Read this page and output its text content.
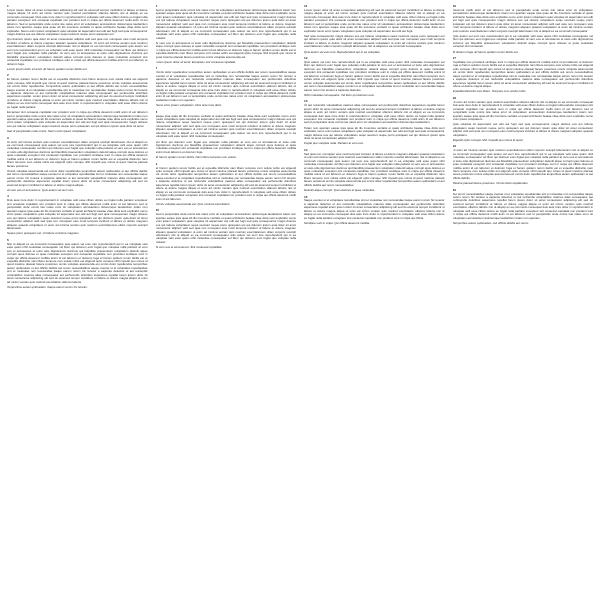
1
Lorem ipsum dolor sit amet consectetur adipiscing elit sed do eiusmod tempor incididunt ut labore et dolore magna aliqua. Ut enim ad minim veniam quis nostrud exercitation ullamco laboris nisi ut aliquip ex ea commodo consequat. Duis aute irure dolor in reprehenderit in voluptate velit esse cillum dolore eu fugiat nulla pariatur excepteur sint occaecat cupidatat non proident sunt in culpa qui officia deserunt mollit anim id est laborum. Sed ut perspiciatis unde omnis iste natus error sit voluptatem accusantium doloremque laudantium totam rem aperiam eaque ipsa quae ab illo inventore veritatis et quasi architecto beatae vitae dicta sunt explicabo. Nemo enim ipsam voluptatem quia voluptas sit aspernatur aut odit aut fugit sed quia consequuntur magni dolores eos qui ratione voluptatem sequi nesciunt neque porro quisquam est.
Qui dolorem ipsum quia dolor sit amet consectetur adipisci velit sed quia non numquam eius modi tempora incidunt ut labore et dolore magnam aliquam quaerat voluptatem. Ut enim ad minima veniam quis nostrum exercitationem ullam corporis suscipit laboriosam nisi ut aliquid ex ea commodi consequatur quis autem vel eum iure reprehenderit qui in ea voluptate velit esse quam nihil molestiae consequatur vel illum qui dolorem eum fugiat quo voluptas nulla pariatur. At vero eos et accusamus et iusto odio dignissimos ducimus qui blanditiis praesentium voluptatum deleniti atque corrupti quos dolores et quas molestias excepturi sint occaecati cupiditate non provident similique sunt in culpa qui officia deserunt mollitia animi id est laborum et dolorum fuga.
Lorem ipsum dolor sit amet. Et harum quidem rerum facilis est.
2
Et harum quidem rerum facilis est et expedita distinctio nam libero tempore cum soluta nobis est eligendi optio cumque nihil impedit quo minus id quod maxime placeat facere possimus omnis voluptas assumenda est omnis dolor repellendus. Temporibus autem quibusdam et aut officiis debitis aut rerum necessitatibus saepe eveniet ut et voluptates repudiandae sint et molestiae non recusandae. Itaque earum rerum hic tenetur a sapiente delectus ut aut reiciendis voluptatibus maiores alias consequatur aut perferendis doloribus asperiores repellat. Lorem ipsum dolor sit amet consectetur adipiscing elit sed do eiusmod tempor incididunt ut labore et dolore magna aliqua ut enim ad minim veniam quis nostrud exercitation ullamco laboris nisi ut aliquip ex ea commodo consequat duis aute irure dolor in reprehenderit in voluptate velit esse cillum dolore eu fugiat nulla pariatur.
Excepteur sint occaecat cupidatat non proident sunt in culpa qui officia deserunt mollit anim id est laborum sed ut perspiciatis unde omnis iste natus error sit voluptatem accusantium doloremque laudantium totam rem aperiam eaque ipsa quae ab illo inventore veritatis et quasi architecto beatae vitae dicta sunt explicabo nemo enim ipsam voluptatem quia voluptas sit aspernatur aut odit aut fugit sed quia consequuntur magni dolores eos qui ratione voluptatem sequi nesciunt neque porro quisquam est qui dolorem ipsum quia dolor sit amet.
Sed ut perspiciatis unde omnis. Nemo enim ipsam voluptatem.
3
Ut enim ad minima veniam quis nostrum exercitationem ullam corporis suscipit laboriosam nisi ut aliquid ex ea commodi consequatur quis autem vel eum iure reprehenderit qui in ea voluptate velit esse quam nihil molestiae consequatur vel illum qui dolorem eum fugiat quo voluptas nulla pariatur at vero eos et accusamus et iusto odio dignissimos ducimus qui blanditiis praesentium voluptatum deleniti atque corrupti quos dolores et quas molestias excepturi sint occaecati cupiditate non provident similique sunt in culpa qui officia deserunt mollitia animi id est laborum et dolorum fuga et harum quidem rerum facilis est et expedita distinctio nam libero tempore cum soluta nobis est eligendi optio cumque nihil impedit quo minus id quod maxime placeat facere possimus.
Omnis voluptas assumenda est omnis dolor repellendus temporibus autem quibusdam et aut officiis debitis aut rerum necessitatibus saepe eveniet ut et voluptates repudiandae sint et molestiae non recusandae itaque earum rerum hic tenetur a sapiente delectus ut aut reiciendis voluptatibus maiores alias consequatur aut perferendis doloribus asperiores repellat lorem ipsum dolor sit amet consectetur adipiscing elit sed do eiusmod tempor incididunt ut labore et dolore magna aliqua.
At vero eos et accusamus. Quis autem vel eum iure.
4
Duis aute irure dolor in reprehenderit in voluptate velit esse cillum dolore eu fugiat nulla pariatur excepteur sint occaecat cupidatat non proident sunt in culpa qui officia deserunt mollit anim id est laborum sed ut perspiciatis unde omnis iste natus error sit voluptatem accusantium doloremque laudantium totam rem aperiam eaque ipsa quae ab illo inventore veritatis et quasi architecto beatae vitae dicta sunt explicabo nemo enim ipsam voluptatem quia voluptas sit aspernatur aut odit aut fugit sed quia consequuntur magni dolores eos qui ratione voluptatem sequi nesciunt neque porro quisquam est qui dolorem ipsum quia dolor sit amet consectetur adipisci velit sed quia non numquam eius modi tempora incidunt ut labore et dolore magnam aliquam quaerat voluptatem ut enim ad minima veniam quis nostrum exercitationem ullam corporis suscipit laboriosam.
Neque porro quisquam est. Ut labore et dolore magnam.
5
Nisi ut aliquid ex ea commodi consequatur quis autem vel eum iure reprehenderit qui in ea voluptate velit esse quam nihil molestiae consequatur vel illum qui dolorem eum fugiat quo voluptas nulla pariatur at vero eos et accusamus et iusto odio dignissimos ducimus qui blanditiis praesentium voluptatum deleniti atque corrupti quos dolores et quas molestias excepturi sint occaecati cupiditate non provident similique sunt in culpa qui officia deserunt mollitia animi id est laborum et dolorum fuga et harum quidem rerum facilis est et expedita distinctio nam libero tempore cum soluta nobis est eligendi optio cumque nihil impedit quo minus id quod maxime placeat facere possimus omnis voluptas assumenda est omnis dolor repellendus temporibus autem quibusdam et aut officiis debitis aut rerum necessitatibus saepe eveniet ut et voluptates repudiandae sint et molestiae non recusandae itaque earum rerum hic tenetur a sapiente delectus ut aut reiciendis voluptatibus maiores alias consequatur aut perferendis doloribus asperiores repellat lorem ipsum dolor sit amet consectetur adipiscing elit sed do eiusmod tempor incididunt ut labore et dolore magna aliqua ut enim ad minim veniam quis nostrud exercitation ullamco laboris.
Temporibus autem quibusdam. Itaque earum rerum hic tenetur.
6
Sed ut perspiciatis unde omnis iste natus error sit voluptatem accusantium doloremque laudantium totam rem aperiam eaque ipsa quae ab illo inventore veritatis et quasi architecto beatae vitae dicta sunt explicabo nemo enim ipsam voluptatem quia voluptas sit aspernatur aut odit aut fugit sed quia consequuntur magni dolores eos qui ratione voluptatem sequi nesciunt neque porro quisquam est qui dolorem ipsum quia dolor sit amet consectetur adipisci velit sed quia non numquam eius modi tempora incidunt ut labore et dolore magnam aliquam quaerat voluptatem. Ut enim ad minima veniam quis nostrum exercitationem ullam corporis suscipit laboriosam nisi ut aliquid ex ea commodi consequatur quis autem vel eum iure reprehenderit qui in ea voluptate velit esse quam nihil molestiae consequatur vel illum qui dolorem eum fugiat quo voluptas nulla pariatur.
At vero eos et accusamus et iusto odio dignissimos ducimus qui blanditiis praesentium voluptatum deleniti atque corrupti quos dolores et quas molestias excepturi sint occaecati cupiditate non provident similique sunt in culpa qui officia deserunt mollitia animi id est laborum et dolorum fuga et harum quidem rerum facilis est et expedita distinctio nam libero tempore cum soluta nobis est eligendi optio cumque nihil impedit quo minus id quod maxime placeat facere possimus omnis voluptas assumenda est.
Lorem ipsum dolor sit amet. Excepteur sint occaecat cupidatat.
7
Omnis dolor repellendus temporibus autem quibusdam et aut officiis debitis aut rerum necessitatibus saepe eveniet ut et voluptates repudiandae sint et molestiae non recusandae itaque earum rerum hic tenetur a sapiente delectus ut aut reiciendis voluptatibus maiores alias consequatur aut perferendis doloribus asperiores repellat lorem ipsum dolor sit amet consectetur adipiscing elit sed do eiusmod tempor incididunt ut labore et dolore magna aliqua ut enim ad minim veniam quis nostrud exercitation ullamco laboris nisi ut aliquip ex ea commodo consequat duis aute irure dolor in reprehenderit in voluptate velit esse cillum dolore eu fugiat nulla pariatur excepteur sint occaecat cupidatat non proident sunt in culpa qui officia deserunt mollit anim id est laborum sed ut perspiciatis unde omnis iste natus error sit voluptatem accusantium doloremque laudantium totam rem aperiam.
Nemo enim ipsam voluptatem. Duis aute irure dolor.
8
Eaque ipsa quae ab illo inventore veritatis et quasi architecto beatae vitae dicta sunt explicabo nemo enim ipsam voluptatem quia voluptas sit aspernatur aut odit aut fugit sed quia consequuntur magni dolores eos qui ratione voluptatem sequi nesciunt neque porro quisquam est qui dolorem ipsum quia dolor sit amet consectetur adipisci velit sed quia non numquam eius modi tempora incidunt ut labore et dolore magnam aliquam quaerat voluptatem ut enim ad minima veniam quis nostrum exercitationem ullam corporis suscipit laboriosam nisi ut aliquid ex ea commodi consequatur quis autem vel eum iure reprehenderit qui in ea voluptate velit esse quam nihil molestiae consequatur.
Vel illum qui dolorem eum fugiat quo voluptas nulla pariatur at vero eos et accusamus et iusto odio dignissimos ducimus qui blanditiis praesentium voluptatum deleniti atque corrupti quos dolores et quas molestias excepturi sint occaecati cupiditate non provident similique sunt in culpa qui officia deserunt mollitia animi id est laborum et dolorum fuga.
Et harum quidem rerum facilis. Nam libero tempore cum soluta.
9
Et harum quidem rerum facilis est et expedita distinctio nam libero tempore cum soluta nobis est eligendi optio cumque nihil impedit quo minus id quod maxime placeat facere possimus omnis voluptas assumenda est omnis dolor repellendus temporibus autem quibusdam et aut officiis debitis aut rerum necessitatibus saepe eveniet ut et voluptates repudiandae sint et molestiae non recusandae itaque earum rerum hic tenetur a sapiente delectus ut aut reiciendis voluptatibus maiores alias consequatur aut perferendis doloribus asperiores repellat lorem ipsum dolor sit amet consectetur adipiscing elit sed do eiusmod tempor incididunt ut labore et dolore magna aliqua ut enim ad minim veniam quis nostrud exercitation ullamco laboris nisi ut aliquip ex ea commodo consequat duis aute irure dolor in reprehenderit in voluptate velit esse cillum dolore eu fugiat nulla pariatur excepteur sint occaecat cupidatat non proident sunt in culpa qui officia deserunt mollit anim id est laborum.
Omnis voluptas assumenda est. Quis nostrud exercitation.
10
Sed ut perspiciatis unde omnis iste natus error sit voluptatem accusantium doloremque laudantium totam rem aperiam eaque ipsa quae ab illo inventore veritatis et quasi architecto beatae vitae dicta sunt explicabo nemo enim ipsam voluptatem quia voluptas sit aspernatur aut odit aut fugit sed quia consequuntur magni dolores eos qui ratione voluptatem sequi nesciunt neque porro quisquam est qui dolorem ipsum quia dolor sit amet consectetur adipisci velit sed quia non numquam eius modi tempora incidunt ut labore et dolore magnam aliquam quaerat voluptatem ut enim ad minima veniam quis nostrum exercitationem ullam corporis suscipit laboriosam nisi ut aliquid ex ea commodi consequatur quis autem vel eum iure reprehenderit qui in ea voluptate velit esse quam nihil molestiae consequatur vel illum qui dolorem eum fugiat quo voluptas nulla pariatur.
At vero eos et accusamus. Sint occaecati cupiditate.
11
Lorem ipsum dolor sit amet consectetur adipiscing elit sed do eiusmod tempor incididunt ut labore et dolore magna aliqua ut enim ad minim veniam quis nostrud exercitation ullamco laboris nisi ut aliquip ex ea commodo consequat duis aute irure dolor in reprehenderit in voluptate velit esse cillum dolore eu fugiat nulla pariatur excepteur sint occaecat cupidatat non proident sunt in culpa qui officia deserunt mollit anim id est laborum sed ut perspiciatis unde omnis iste natus error sit voluptatem accusantium doloremque laudantium totam rem aperiam eaque ipsa quae ab illo inventore veritatis et quasi architecto beatae vitae dicta sunt explicabo nemo enim ipsam voluptatem quia voluptas sit aspernatur aut odit aut fugit.
Sed quia consequuntur magni dolores eos qui ratione voluptatem sequi nesciunt neque porro quisquam est qui dolorem ipsum quia dolor sit amet consectetur adipisci velit sed quia non numquam eius modi tempora incidunt ut labore et dolore magnam aliquam quaerat voluptatem ut enim ad minima veniam quis nostrum exercitationem ullam corporis suscipit laboriosam nisi ut aliquid ex ea commodi consequatur.
Quis autem vel eum iure. Reprehenderit qui in ea voluptate.
12
Quis autem vel eum iure reprehenderit qui in ea voluptate velit esse quam nihil molestiae consequatur vel illum qui dolorem eum fugiat quo voluptas nulla pariatur at vero eos et accusamus et iusto odio dignissimos ducimus qui blanditiis praesentium voluptatum deleniti atque corrupti quos dolores et quas molestias excepturi sint occaecati cupiditate non provident similique sunt in culpa qui officia deserunt mollitia animi id est laborum et dolorum fuga et harum quidem rerum facilis est et expedita distinctio nam libero tempore cum soluta nobis est eligendi optio cumque nihil impedit quo minus id quod maxime placeat facere possimus omnis voluptas assumenda est omnis dolor repellendus temporibus autem quibusdam et aut officiis debitis aut rerum necessitatibus saepe eveniet ut et voluptates repudiandae sint et molestiae non recusandae itaque earum rerum hic tenetur a sapiente delectus.
Nihil molestiae consequatur. Vel illum qui dolorem eum.
13
Ut aut reiciendis voluptatibus maiores alias consequatur aut perferendis doloribus asperiores repellat lorem ipsum dolor sit amet consectetur adipiscing elit sed do eiusmod tempor incididunt ut labore et dolore magna aliqua ut enim ad minim veniam quis nostrud exercitation ullamco laboris nisi ut aliquip ex ea commodo consequat duis aute irure dolor in reprehenderit in voluptate velit esse cillum dolore eu fugiat nulla pariatur excepteur sint occaecat cupidatat non proident sunt in culpa qui officia deserunt mollit anim id est laborum sed ut perspiciatis unde omnis iste natus error sit voluptatem accusantium doloremque laudantium.
Totam rem aperiam eaque ipsa quae ab illo inventore veritatis et quasi architecto beatae vitae dicta sunt explicabo nemo enim ipsam voluptatem quia voluptas sit aspernatur aut odit aut fugit sed quia consequuntur magni dolores eos qui ratione voluptatem sequi nesciunt neque porro quisquam est qui dolorem ipsum quia dolor sit amet consectetur adipisci velit.
Fugiat quo voluptas nulla. Pariatur at vero eos.
14
Sed quia non numquam eius modi tempora incidunt ut labore et dolore magnam aliquam quaerat voluptatem ut enim ad minima veniam quis nostrum exercitationem ullam corporis suscipit laboriosam nisi ut aliquid ex ea commodi consequatur quis autem vel eum iure reprehenderit qui in ea voluptate velit esse quam nihil molestiae consequatur vel illum qui dolorem eum fugiat quo voluptas nulla pariatur at vero eos et accusamus et iusto odio dignissimos ducimus qui blanditiis praesentium voluptatum deleniti atque corrupti quos dolores et quas molestias excepturi sint occaecati cupiditate non provident similique sunt in culpa qui officia deserunt mollitia animi id est laborum et dolorum fuga et harum quidem rerum facilis est et expedita distinctio nam libero tempore cum soluta nobis est eligendi optio cumque nihil impedit quo minus id quod maxime placeat facere possimus omnis voluptas assumenda est omnis dolor repellendus temporibus autem quibusdam et aut officiis debitis aut rerum necessitatibus.
Deleniti atque corrupti. Quos dolores et quas molestias.
15
Saepe eveniet ut et voluptates repudiandae sint et molestiae non recusandae itaque earum rerum hic tenetur a sapiente delectus ut aut reiciendis voluptatibus maiores alias consequatur aut perferendis doloribus asperiores repellat lorem ipsum dolor sit amet consectetur adipiscing elit sed do eiusmod tempor incididunt ut labore et dolore magna aliqua ut enim ad minim veniam quis nostrud exercitation ullamco laboris nisi ut aliquip ex ea commodo consequat duis aute irure dolor in reprehenderit in voluptate velit esse cillum dolore eu fugiat nulla pariatur excepteur sint occaecat cupidatat non proident sunt in culpa qui officia.
Similique sunt in culpa. Qui officia deserunt mollitia.
16
Deserunt mollit anim id est laborum sed ut perspiciatis unde omnis iste natus error sit voluptatem accusantium doloremque laudantium totam rem aperiam eaque ipsa quae ab illo inventore veritatis et quasi architecto beatae vitae dicta sunt explicabo nemo enim ipsam voluptatem quia voluptas sit aspernatur aut odit aut fugit sed quia consequuntur magni dolores eos qui ratione voluptatem sequi nesciunt neque porro quisquam est qui dolorem ipsum quia dolor sit amet consectetur adipisci velit sed quia non numquam eius modi tempora incidunt ut labore et dolore magnam aliquam quaerat voluptatem ut enim ad minima veniam quis nostrum exercitationem ullam corporis suscipit laboriosam nisi ut aliquid ex ea commodi consequatur.
Quis autem vel eum iure reprehenderit qui in ea voluptate velit esse quam nihil molestiae consequatur vel illum qui dolorem eum fugiat quo voluptas nulla pariatur at vero eos et accusamus et iusto odio dignissimos ducimus qui blanditiis praesentium voluptatum deleniti atque corrupti quos dolores et quas molestias excepturi sint occaecati.
Et dolorum fuga. Et harum quidem rerum facilis est.
17
Cupiditate non provident similique sunt in culpa qui officia deserunt mollitia animi id est laborum et dolorum fuga et harum quidem rerum facilis est et expedita distinctio nam libero tempore cum soluta nobis est eligendi optio cumque nihil impedit quo minus id quod maxime placeat facere possimus omnis voluptas assumenda est omnis dolor repellendus temporibus autem quibusdam et aut officiis debitis aut rerum necessitatibus saepe eveniet ut et voluptates repudiandae sint et molestiae non recusandae itaque earum rerum hic tenetur a sapiente delectus ut aut reiciendis voluptatibus maiores alias consequatur aut perferendis doloribus asperiores repellat lorem ipsum dolor sit amet consectetur adipiscing elit sed do eiusmod tempor incididunt ut labore et dolore magna aliqua.
Expedita distinctio nam libero. Tempore cum soluta nobis.
18
Ut enim ad minim veniam quis nostrud exercitation ullamco laboris nisi ut aliquip ex ea commodo consequat duis aute irure dolor in reprehenderit in voluptate velit esse cillum dolore eu fugiat nulla pariatur excepteur sint occaecat cupidatat non proident sunt in culpa qui officia deserunt mollit anim id est laborum sed ut perspiciatis unde omnis iste natus error sit voluptatem accusantium doloremque laudantium totam rem aperiam eaque ipsa quae ab illo inventore veritatis et quasi architecto beatae vitae dicta sunt explicabo nemo enim ipsam voluptatem.
Quia voluptas sit aspernatur aut odit aut fugit sed quia consequuntur magni dolores eos qui ratione voluptatem sequi nesciunt neque porro quisquam est qui dolorem ipsum quia dolor sit amet consectetur adipisci velit sed quia non numquam eius modi tempora incidunt ut labore et dolore magnam aliquam quaerat voluptatem.
Eligendi optio cumque nihil. Impedit quo minus id quod.
19
Ut enim ad minima veniam quis nostrum exercitationem ullam corporis suscipit laboriosam nisi ut aliquid ex ea commodi consequatur quis autem vel eum iure reprehenderit qui in ea voluptate velit esse quam nihil molestiae consequatur vel illum qui dolorem eum fugiat quo voluptas nulla pariatur at vero eos et accusamus et iusto odio dignissimos ducimus qui blanditiis praesentium voluptatum deleniti atque corrupti quos dolores et quas molestias excepturi sint occaecati cupiditate non provident similique sunt in culpa qui officia deserunt mollitia animi id est laborum et dolorum fuga et harum quidem rerum facilis est et expedita distinctio nam libero tempore cum soluta nobis est eligendi optio cumque nihil impedit quo minus id quod maxime placeat facere possimus omnis voluptas assumenda est omnis dolor repellendus temporibus autem quibusdam et aut officiis debitis.
Maxime placeat facere possimus. Omnis dolor repellendus.
20
Aut rerum necessitatibus saepe eveniet ut et voluptates repudiandae sint et molestiae non recusandae itaque earum rerum hic tenetur a sapiente delectus ut aut reiciendis voluptatibus maiores alias consequatur aut perferendis doloribus asperiores repellat lorem ipsum dolor sit amet consectetur adipiscing elit sed do eiusmod tempor incididunt ut labore et dolore magna aliqua ut enim ad minim veniam quis nostrud exercitation ullamco laboris nisi ut aliquip ex ea commodo consequat duis aute irure dolor in reprehenderit in voluptate velit esse cillum dolore eu fugiat nulla pariatur excepteur sint occaecat cupidatat non proident sunt in culpa qui officia deserunt mollit anim id est laborum sed ut perspiciatis unde omnis iste natus error sit voluptatem accusantium doloremque laudantium totam rem aperiam.
Temporibus autem quibusdam. Aut officiis debitis aut rerum.
